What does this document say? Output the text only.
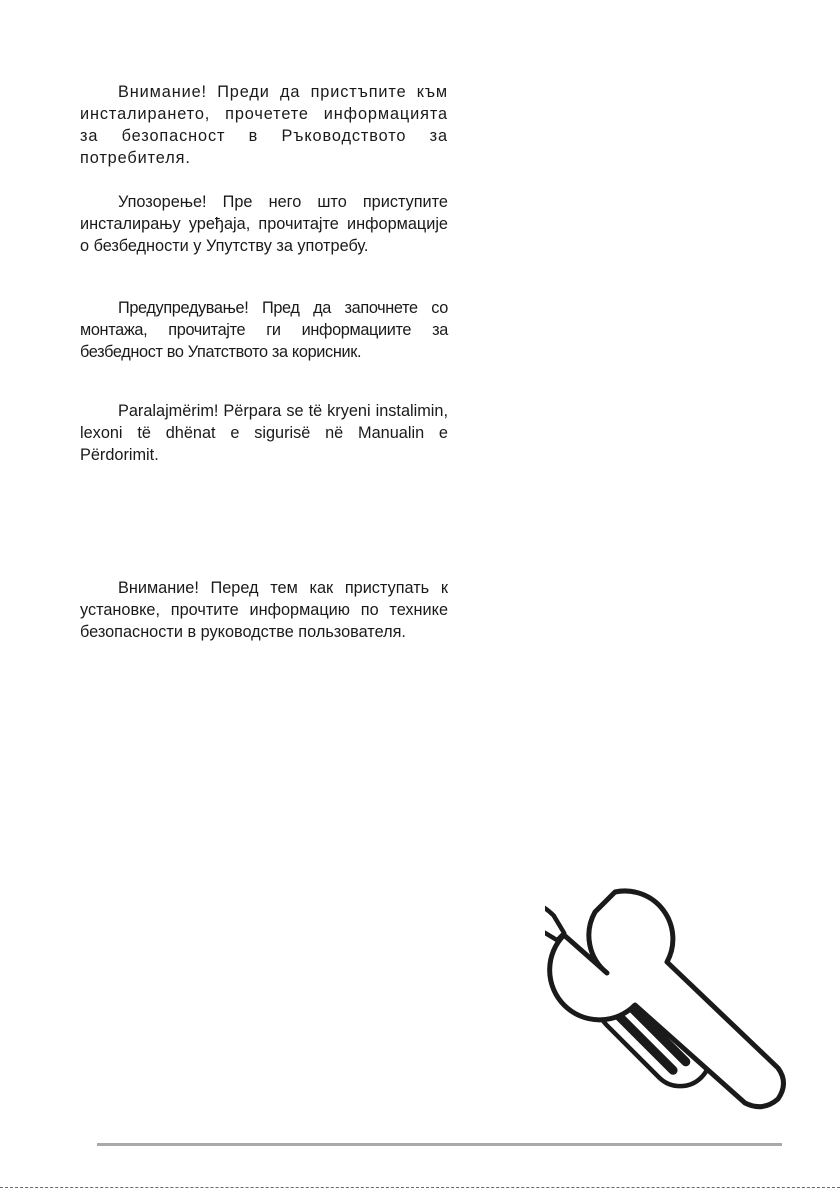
Внимание! Преди да пристъпите към инсталирането, прочетете информацията за безопасност в Ръководството за потребителя.

Упозорење! Пре него што приступите инсталирању уређаја, прочитајте информације о безбедности у Упутству за употребу.

Предупредување! Пред да започнете со монтажа, прочитајте ги информациите за безбедност во Упатството за корисник.

Paralajmërim! Përpara se të kryeni instalimin, lexoni të dhënat e sigurisë në Manualin e Përdorimit.

Внимание! Перед тем как приступать к установке, прочтите информацию по технике безопасности в руководстве пользователя.
